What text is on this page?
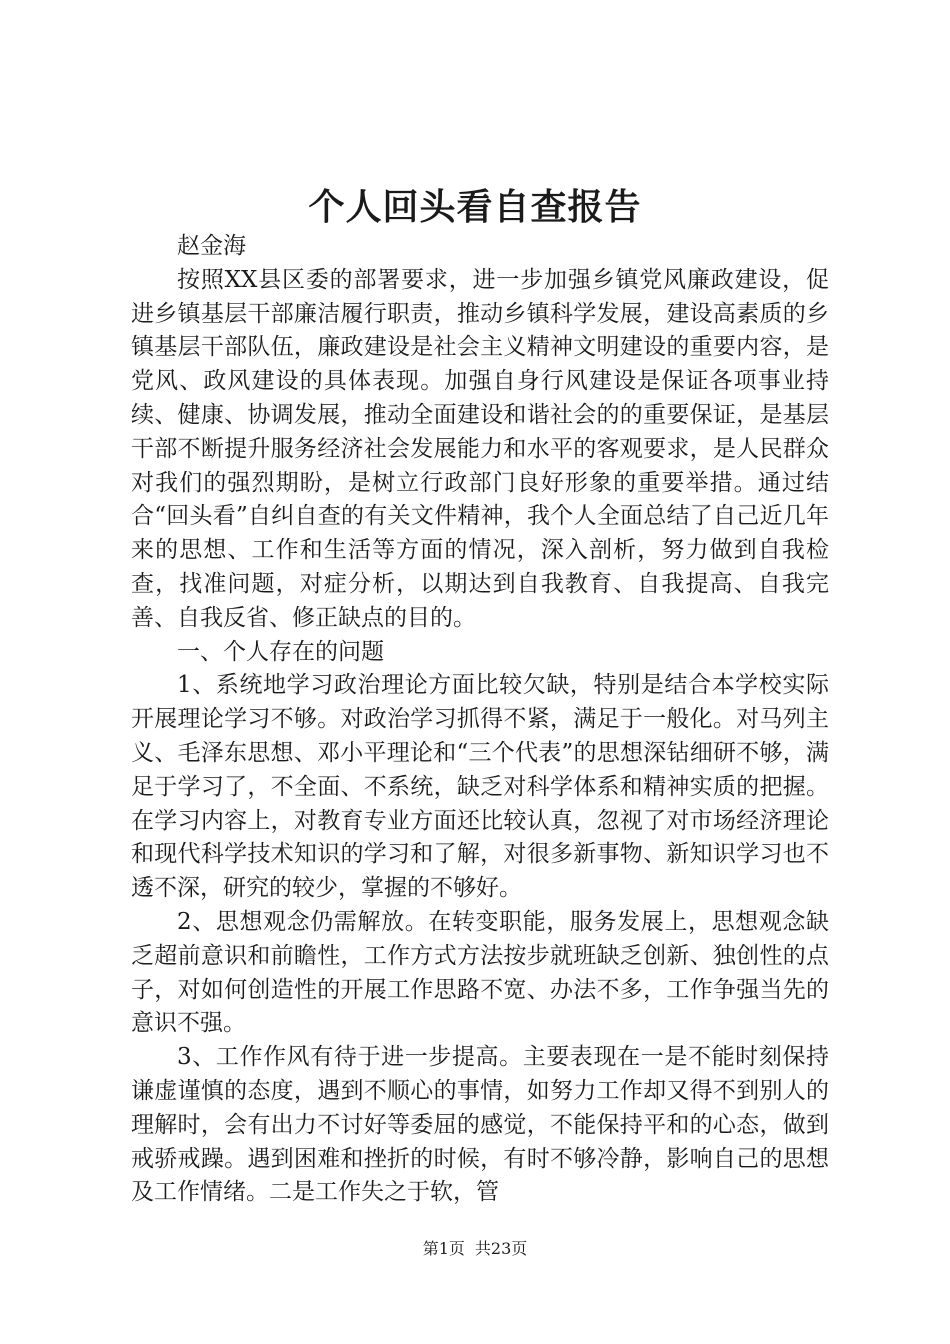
个人回头看自查报告

赵金海

按照XX县区委的部署要求，进一步加强乡镇党风廉政建设，促进乡镇基层干部廉洁履行职责，推动乡镇科学发展，建设高素质的乡镇基层干部队伍，廉政建设是社会主义精神文明建设的重要内容，是党风、政风建设的具体表现。加强自身行风建设是保证各项事业持续、健康、协调发展，推动全面建设和谐社会的的重要保证，是基层干部不断提升服务经济社会发展能力和水平的客观要求，是人民群众对我们的强烈期盼，是树立行政部门良好形象的重要举措。通过结合“回头看”自纠自查的有关文件精神，我个人全面总结了自己近几年来的思想、工作和生活等方面的情况，深入剖析，努力做到自我检查，找准问题，对症分析，以期达到自我教育、自我提高、自我完善、自我反省、修正缺点的目的。

一、个人存在的问题

1、系统地学习政治理论方面比较欠缺，特别是结合本学校实际开展理论学习不够。对政治学习抓得不紧，满足于一般化。对马列主义、毛泽东思想、邓小平理论和“三个代表”的思想深钻细研不够，满足于学习了，不全面、不系统，缺乏对科学体系和精神实质的把握。在学习内容上，对教育专业方面还比较认真，忽视了对市场经济理论和现代科学技术知识的学习和了解，对很多新事物、新知识学习也不透不深，研究的较少，掌握的不够好。

2、思想观念仍需解放。在转变职能，服务发展上，思想观念缺乏超前意识和前瞻性，工作方式方法按步就班缺乏创新、独创性的点子，对如何创造性的开展工作思路不宽、办法不多，工作争强当先的意识不强。

3、工作作风有待于进一步提高。主要表现在一是不能时刻保持谦虚谨慎的态度，遇到不顺心的事情，如努力工作却又得不到别人的理解时，会有出力不讨好等委屈的感觉，不能保持平和的心态，做到戒骄戒躁。遇到困难和挫折的时候，有时不够冷静，影响自己的思想及工作情绪。二是工作失之于软，管

第1页 共23页
